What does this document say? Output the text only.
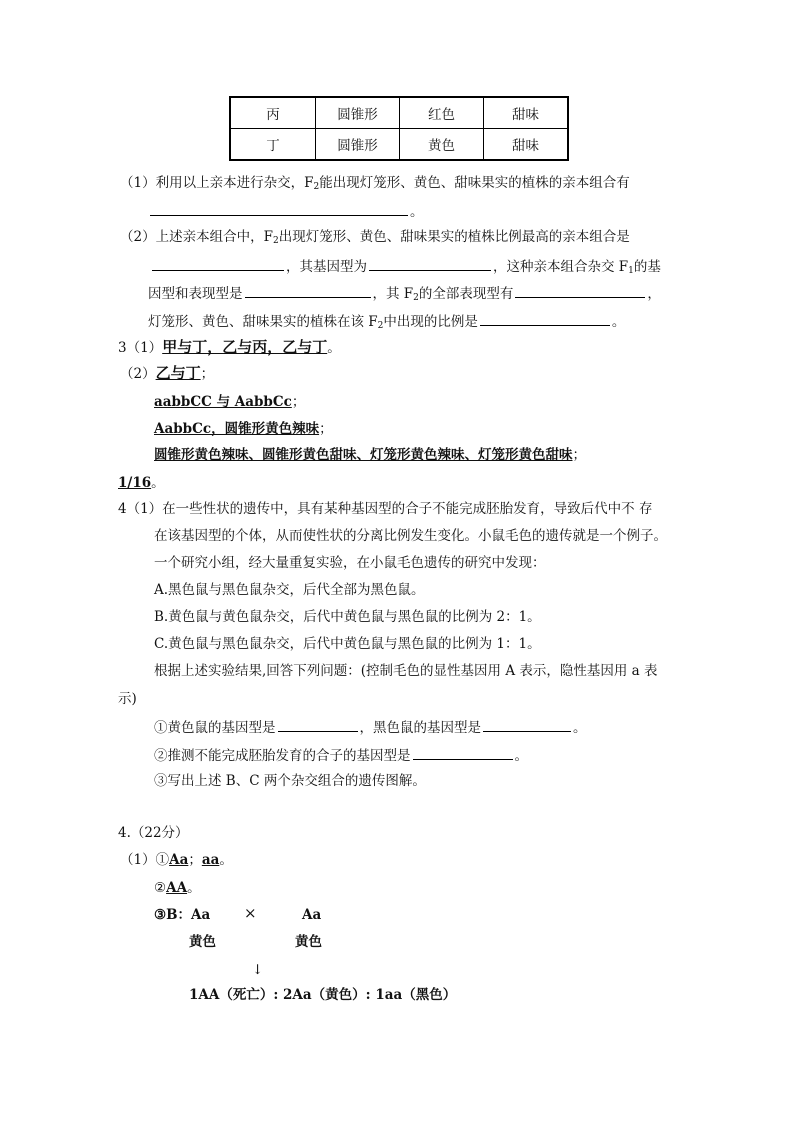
丙	圆锥形	红色	甜味
丁	圆锥形	黄色	甜味
（1）利用以上亲本进行杂交，$F_2$能出现灯笼形、黄色、甜味果实的植株的亲本组合有
。
（2）上述亲本组合中，$F_2$出现灯笼形、黄色、甜味果实的植株比例最高的亲本组合是
，其基因型为	，这种亲本组合杂交 $F_1$的基
因型和表现型是	，其 $F_2$的全部表现型有	，
灯笼形、黄色、甜味果实的植株在该 $F_2$中出现的比例是	。
3（1）甲与丁，乙与丙，乙与丁。
（2）乙与丁；
aabbCC 与 AabbCc；
AabbCc，圆锥形黄色辣味；
圆锥形黄色辣味、圆锥形黄色甜味、灯笼形黄色辣味、灯笼形黄色甜味；
1/16。
4（1）在一些性状的遗传中，具有某种基因型的合子不能完成胚胎发育，导致后代中不 存
在该基因型的个体，从而使性状的分离比例发生变化。小鼠毛色的遗传就是一个例子。
一个研究小组，经大量重复实验，在小鼠毛色遗传的研究中发现：
A.黑色鼠与黑色鼠杂交，后代全部为黑色鼠。
B.黄色鼠与黄色鼠杂交，后代中黄色鼠与黑色鼠的比例为 2：1。
C.黄色鼠与黑色鼠杂交，后代中黄色鼠与黑色鼠的比例为 1：1。
根据上述实验结果,回答下列问题：(控制毛色的显性基因用 A 表示，隐性基因用 a 表
示)
①黄色鼠的基因型是	，黑色鼠的基因型是	。
②推测不能完成胚胎发育的合子的基因型是	。
③写出上述 B、C 两个杂交组合的遗传图解。
4.（22分）
（1）①Aa；aa。
②AA。
③B：Aa ×	Aa
黄色	黄色
↓
1AA（死亡）: 2Aa（黄色）: 1aa（黑色）
